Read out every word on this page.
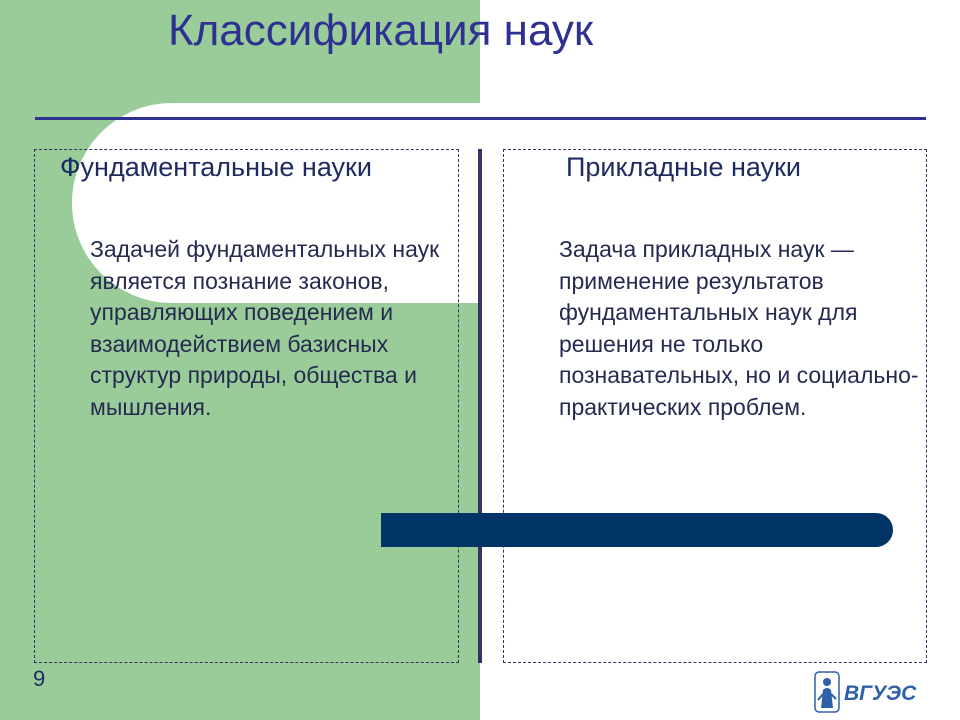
Классификация наук
Фундаментальные науки	Прикладные науки
Задачей фундаментальных наук является познание законов, управляющих поведением и взаимодействием базисных структур природы, общества и мышления.
Задача прикладных наук — применение результатов фундаментальных наук для решения не только познавательных, но и социально-практических проблем.
9
ВГУЭС
